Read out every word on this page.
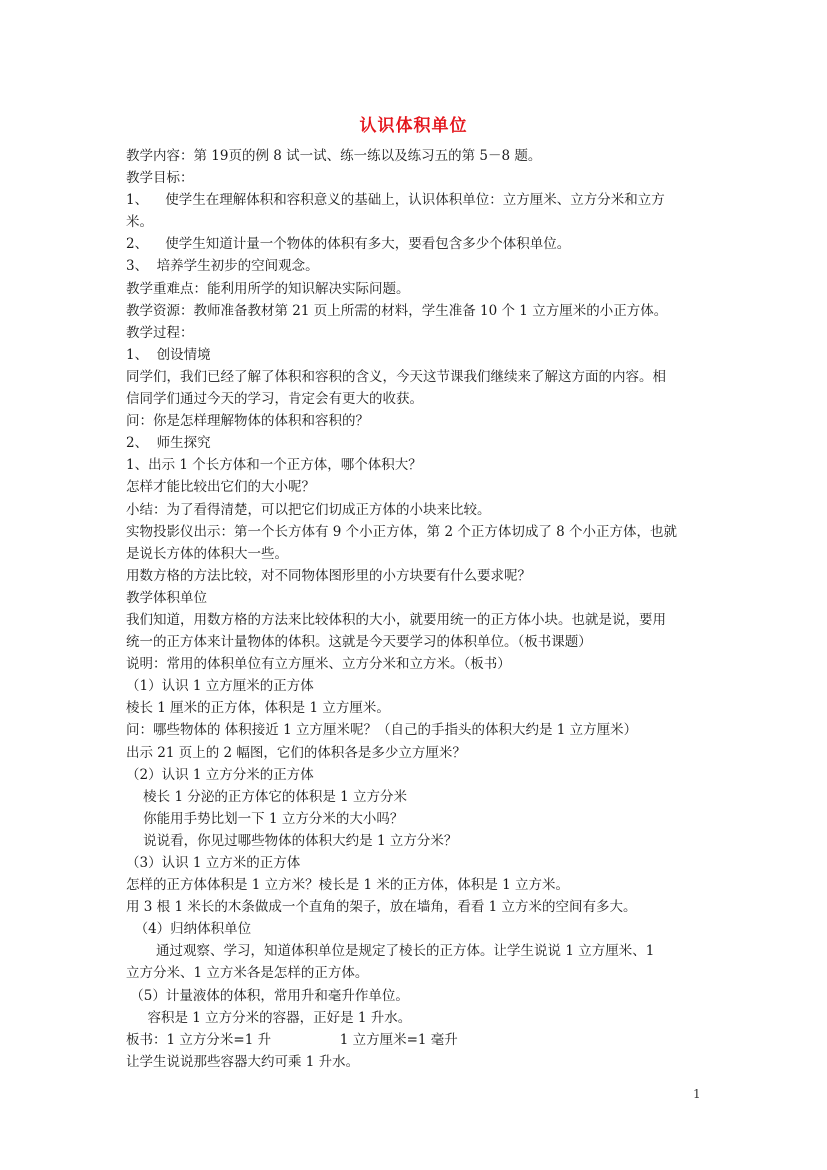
认识体积单位
教学内容：第 19页的例 8 试一试、练一练以及练习五的第 5－8 题。
教学目标：
1、    使学生在理解体积和容积意义的基础上，认识体积单位：立方厘米、立方分米和立方
米。
2、    使学生知道计量一个物体的体积有多大，要看包含多少个体积单位。
3、  培养学生初步的空间观念。
教学重难点：能利用所学的知识解决实际问题。
教学资源：教师准备教材第 21 页上所需的材料，学生准备 10 个 1 立方厘米的小正方体。
教学过程：
1、  创设情境
同学们，我们已经了解了体积和容积的含义，今天这节课我们继续来了解这方面的内容。相
信同学们通过今天的学习，肯定会有更大的收获。
问：你是怎样理解物体的体积和容积的？
2、  师生探究
1、出示 1 个长方体和一个正方体，哪个体积大？
怎样才能比较出它们的大小呢？
小结：为了看得清楚，可以把它们切成正方体的小块来比较。
实物投影仪出示：第一个长方体有 9 个小正方体，第 2 个正方体切成了 8 个小正方体，也就
是说长方体的体积大一些。
用数方格的方法比较，对不同物体图形里的小方块要有什么要求呢？
教学体积单位
我们知道，用数方格的方法来比较体积的大小，就要用统一的正方体小块。也就是说，要用
统一的正方体来计量物体的体积。这就是今天要学习的体积单位。（板书课题）
说明：常用的体积单位有立方厘米、立方分米和立方米。（板书）
（1）认识 1 立方厘米的正方体
棱长 1 厘米的正方体，体积是 1 立方厘米。
问：哪些物体的 体积接近 1 立方厘米呢？（自己的手指头的体积大约是 1 立方厘米）
出示 21 页上的 2 幅图，它们的体积各是多少立方厘米？
（2）认识 1 立方分米的正方体
棱长 1 分泌的正方体它的体积是 1 立方分米
你能用手势比划一下 1 立方分米的大小吗？
说说看，你见过哪些物体的体积大约是 1 立方分米？
（3）认识 1 立方米的正方体
怎样的正方体体积是 1 立方米？棱长是 1 米的正方体，体积是 1 立方米。
用 3 根 1 米长的木条做成一个直角的架子，放在墙角，看看 1 立方米的空间有多大。
（4）归纳体积单位
通过观察、学习，知道体积单位是规定了棱长的正方体。让学生说说 1 立方厘米、1
立方分米、1 立方米各是怎样的正方体。
（5）计量液体的体积，常用升和毫升作单位。
容积是 1 立方分米的容器，正好是 1 升水。
板书：1 立方分米=1 升                1 立方厘米=1 毫升
让学生说说那些容器大约可乘 1 升水。
1
